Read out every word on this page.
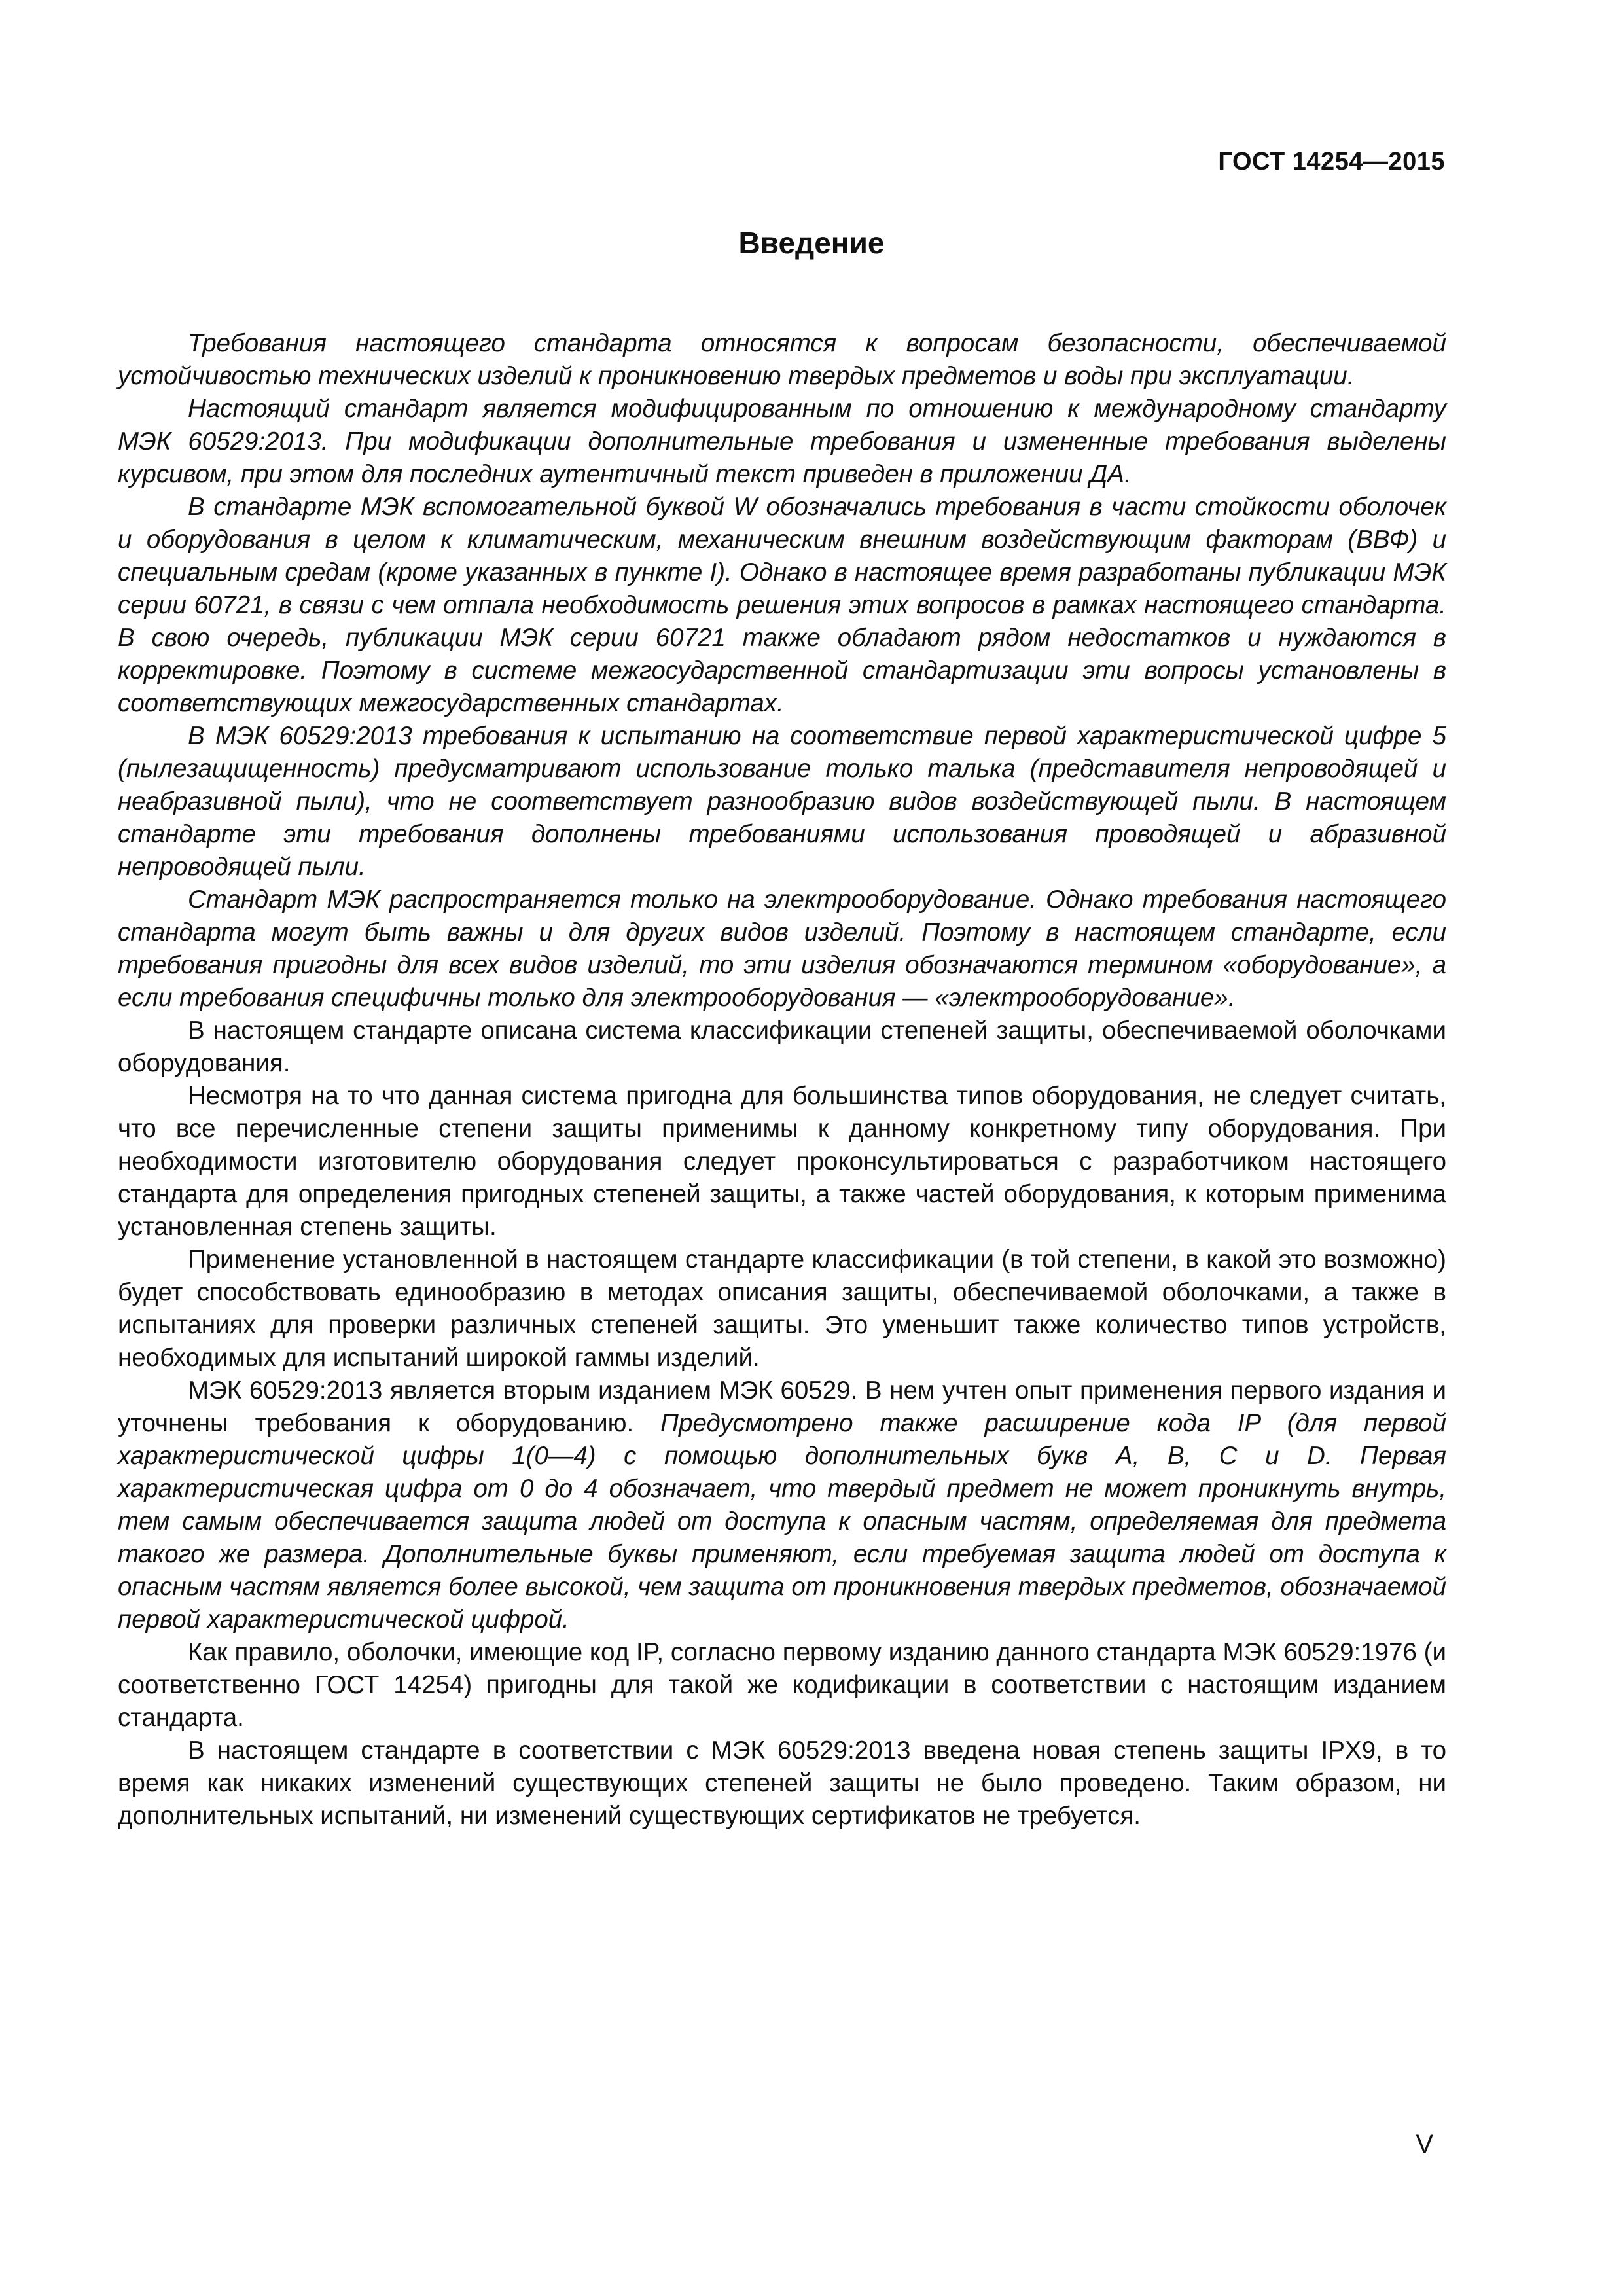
ГОСТ 14254—2015
Введение

Требования настоящего стандарта относятся к вопросам безопасности, обеспечиваемой устойчивостью технических изделий к проникновению твердых предметов и воды при эксплуатации.

Настоящий стандарт является модифицированным по отношению к международному стандарту МЭК 60529:2013. При модификации дополнительные требования и измененные требования выделены курсивом, при этом для последних аутентичный текст приведен в приложении ДА.

В стандарте МЭК вспомогательной буквой W обозначались требования в части стойкости оболочек и оборудования в целом к климатическим, механическим внешним воздействующим факторам (ВВФ) и специальным средам (кроме указанных в пункте I). Однако в настоящее время разработаны публикации МЭК серии 60721, в связи с чем отпала необходимость решения этих вопросов в рамках настоящего стандарта. В свою очередь, публикации МЭК серии 60721 также обладают рядом недостатков и нуждаются в корректировке. Поэтому в системе межгосударственной стандартизации эти вопросы установлены в соответствующих межгосударственных стандартах.

В МЭК 60529:2013 требования к испытанию на соответствие первой характеристической цифре 5 (пылезащищенность) предусматривают использование только талька (представителя непроводящей и неабразивной пыли), что не соответствует разнообразию видов воздействующей пыли. В настоящем стандарте эти требования дополнены требованиями использования проводящей и абразивной непроводящей пыли.

Стандарт МЭК распространяется только на электрооборудование. Однако требования настоящего стандарта могут быть важны и для других видов изделий. Поэтому в настоящем стандарте, если требования пригодны для всех видов изделий, то эти изделия обозначаются термином «оборудование», а если требования специфичны только для электрооборудования — «электрооборудование».

В настоящем стандарте описана система классификации степеней защиты, обеспечиваемой оболочками оборудования.

Несмотря на то что данная система пригодна для большинства типов оборудования, не следует считать, что все перечисленные степени защиты применимы к данному конкретному типу оборудования. При необходимости изготовителю оборудования следует проконсультироваться с разработчиком настоящего стандарта для определения пригодных степеней защиты, а также частей оборудования, к которым применима установленная степень защиты.

Применение установленной в настоящем стандарте классификации (в той степени, в какой это возможно) будет способствовать единообразию в методах описания защиты, обеспечиваемой оболочками, а также в испытаниях для проверки различных степеней защиты. Это уменьшит также количество типов устройств, необходимых для испытаний широкой гаммы изделий.

МЭК 60529:2013 является вторым изданием МЭК 60529. В нем учтен опыт применения первого издания и уточнены требования к оборудованию. Предусмотрено также расширение кода IP (для первой характеристической цифры 1(0—4) с помощью дополнительных букв А, В, С и D. Первая характеристическая цифра от 0 до 4 обозначает, что твердый предмет не может проникнуть внутрь, тем самым обеспечивается защита людей от доступа к опасным частям, определяемая для предмета такого же размера. Дополнительные буквы применяют, если требуемая защита людей от доступа к опасным частям является более высокой, чем защита от проникновения твердых предметов, обозначаемой первой характеристической цифрой.

Как правило, оболочки, имеющие код IP, согласно первому изданию данного стандарта МЭК 60529:1976 (и соответственно ГОСТ 14254) пригодны для такой же кодификации в соответствии с настоящим изданием стандарта.

В настоящем стандарте в соответствии с МЭК 60529:2013 введена новая степень защиты IPX9, в то время как никаких изменений существующих степеней защиты не было проведено. Таким образом, ни дополнительных испытаний, ни изменений существующих сертификатов не требуется.

V
